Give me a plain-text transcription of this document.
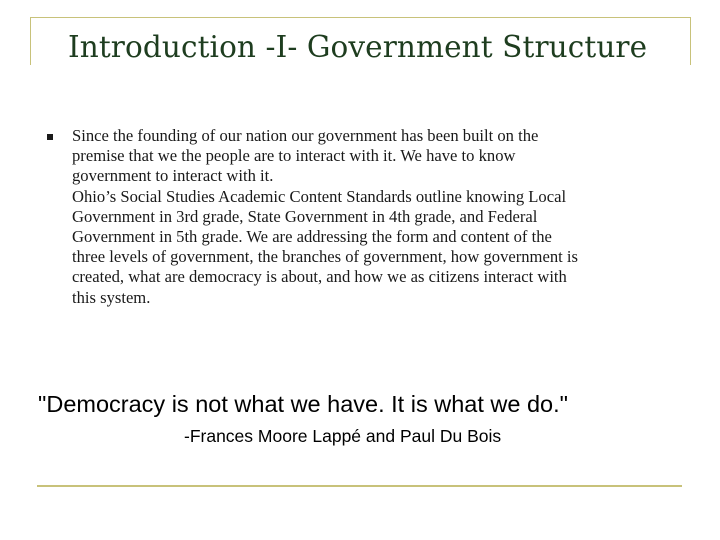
Introduction -I- Government Structure
Since the founding of our nation our government has been built on the
premise that we the people are to interact with it. We have to know
government to interact with it.
Ohio’s Social Studies Academic Content Standards outline knowing Local
Government in 3rd grade, State Government in 4th grade, and Federal
Government in 5th grade. We are addressing the form and content of the
three levels of government, the branches of government, how government is
created, what are democracy is about, and how we as citizens interact with
this system.
"Democracy is not what we have. It is what we do."
-Frances Moore Lappé and Paul Du Bois
